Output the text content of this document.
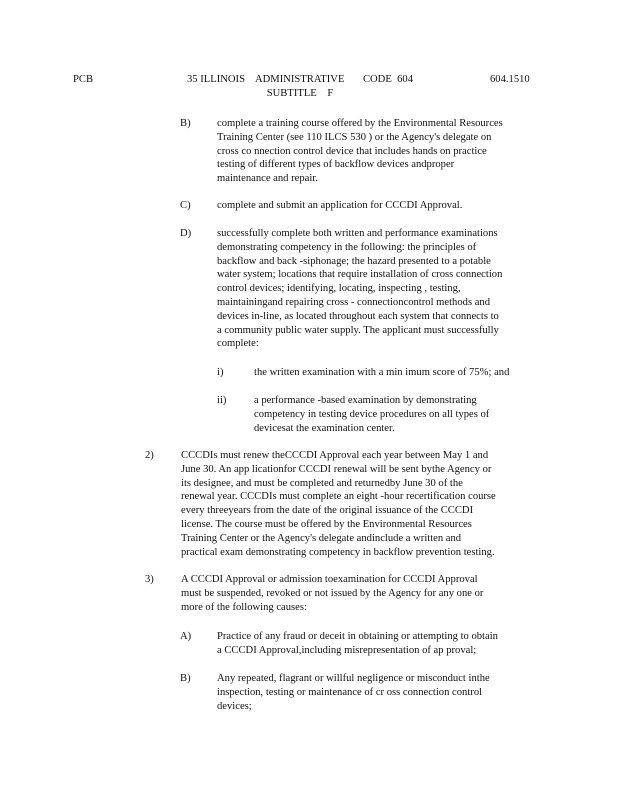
PCB	35 ILLINOIS    ADMINISTRATIVE       CODE  604
SUBTITLE    F
604.1510
B) complete a training course offered by the Environmental Resources

Training Center (see 110 ILCS 530 ) or the Agency's delegate on

cross co nnection control device that includes hands on practice

testing of different types of backflow devices andproper

maintenance and repair.

C) complete and submit an application for CCCDI Approval.

D) successfully complete both written and performance examinations

demonstrating competency in the following: the principles of

backflow and back -siphonage; the hazard presented to a potable

water system; locations that require installation of cross connection

control devices; identifying, locating, inspecting , testing,

maintainingand repairing cross - connectioncontrol methods and

devices in-line, as located throughout each system that connects to

a community public water supply. The applicant must successfully

complete:

i)	the written examination with a min imum score of 75%; and

ii)	a performance -based examination by demonstrating

competency in testing device procedures on all types of

devicesat the examination center.

2)	CCCDIs must renew theCCCDI Approval each year between May 1 and

June 30. An app licationfor CCCDI renewal will be sent bythe Agency or

its designee, and must be completed and returnedby June 30 of the

renewal year. CCCDIs must complete an eight -hour recertification course

every threeyears from the date of the original issuance of the CCCDI

license. The course must be offered by the Environmental Resources

Training Center or the Agency's delegate andinclude a written and

practical exam demonstrating competency in backflow prevention testing.

3)	A CCCDI Approval or admission toexamination for CCCDI Approval

must be suspended, revoked or not issued by the Agency for any one or

more of the following causes:

A) Practice of any fraud or deceit in obtaining or attempting to obtain

a CCCDI Approval,including misrepresentation of ap proval;

B) Any repeated, flagrant or willful negligence or misconduct inthe

inspection, testing or maintenance of cr oss connection control

devices;
